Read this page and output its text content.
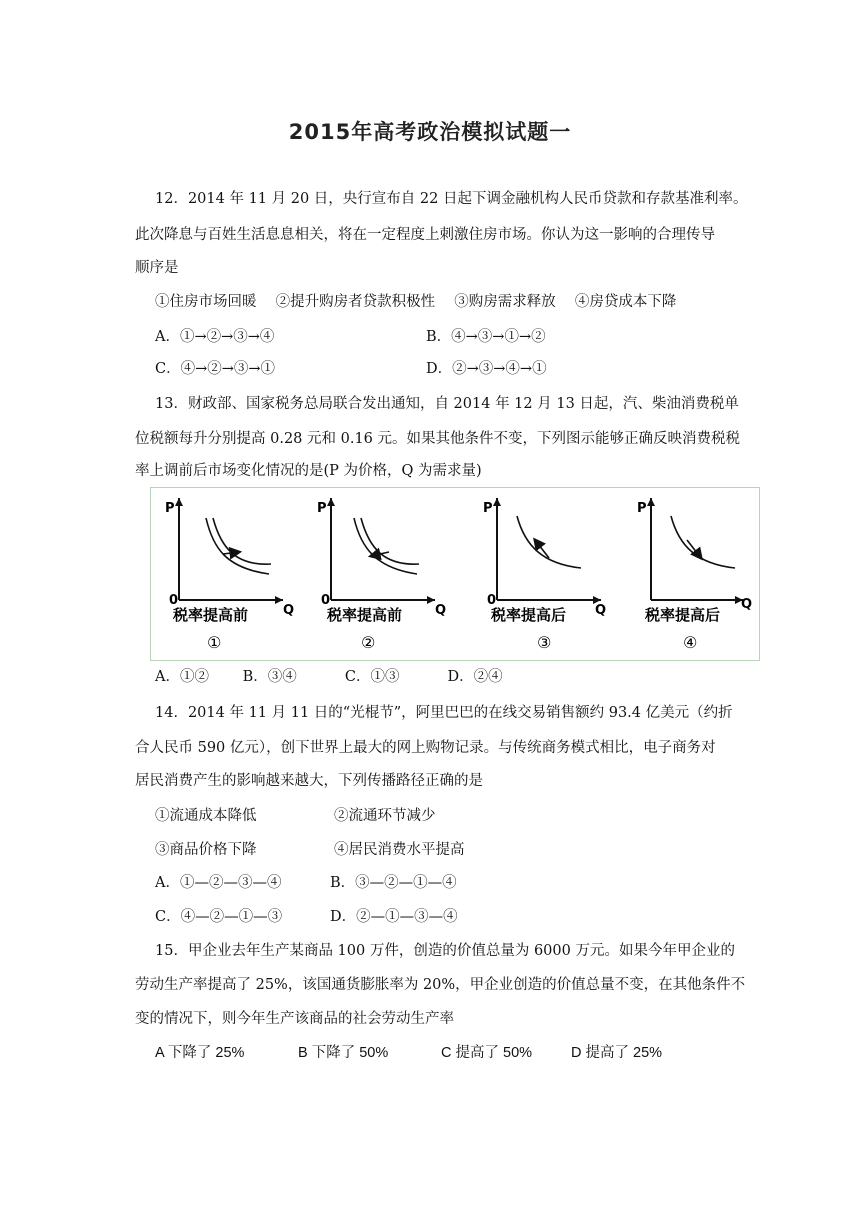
2015年高考政治模拟试题一
12．2014 年 11 月 20 日，央行宣布自 22 日起下调金融机构人民币贷款和存款基准利率。
此次降息与百姓生活息息相关，将在一定程度上刺激住房市场。你认为这一影响的合理传导
顺序是
①住房市场回暖　 ②提升购房者贷款积极性　 ③购房需求释放　 ④房贷成本下降
A．①→②→③→④	B．④→③→①→②
C．④→②→③→①	D．②→③→④→①
13．财政部、国家税务总局联合发出通知，自 2014 年 12 月 13 日起，汽、柴油消费税单
位税额每升分别提高 0.28 元和 0.16 元。如果其他条件不变，下列图示能够正确反映消费税税
率上调前后市场变化情况的是(P 为价格，Q 为需求量)
P
0
Q
税率提高前
①
P
0
Q
税率提高前
②
P
0
Q
税率提高后
③
P
Q
税率提高后
④
A．①②　　 B．③④　　　 C．①③　　　 D．②④
14．2014 年 11 月 11 日的“光棍节”，阿里巴巴的在线交易销售额约 93.4 亿美元（约折
合人民币 590 亿元），创下世界上最大的网上购物记录。与传统商务模式相比，电子商务对
居民消费产生的影响越来越大，下列传播路径正确的是
①流通成本降低	②流通环节减少
③商品价格下降	④居民消费水平提高
A．①—②—③—④	B．③—②—①—④
C．④—②—①—③	D．②—①—③—④
15．甲企业去年生产某商品 100 万件，创造的价值总量为 6000 万元。如果今年甲企业的
劳动生产率提高了 25%，该国通货膨胀率为 20%，甲企业创造的价值总量不变，在其他条件不
变的情况下，则今年生产该商品的社会劳动生产率
A 下降了 25%	B 下降了 50%	C 提高了 50%	D 提高了 25%
